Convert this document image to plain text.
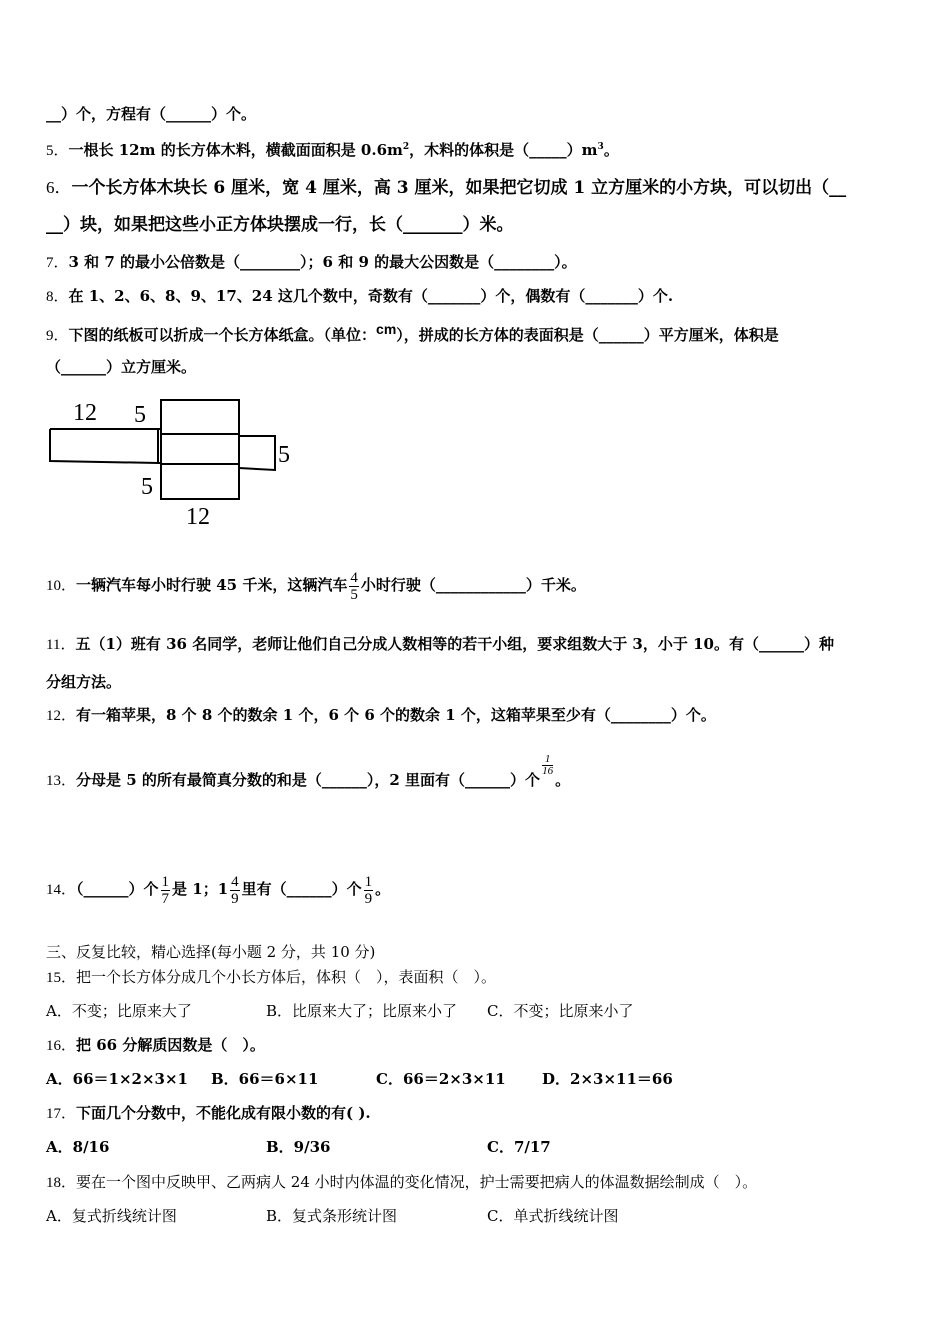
__）个，方程有（______）个。
5．一根长 12m 的长方体木料，横截面面积是 $0.6m^2$，木料的体积是$(\_\_\_\_\_)m^3$。
6．一个长方体木块长 6 厘米，宽 4 厘米，高 3 厘米，如果把它切成 1 立方厘米的小方块，可以切出（__
__）块，如果把这些小正方体块摆成一行，长（_______）米。
7．3 和 7 的最小公倍数是（________）；6 和 9 的最大公因数是（________）。
8．在 1、2、6、8、9、17、24 这几个数中，奇数有（_______）个，偶数有（_______）个.
9．下图的纸板可以折成一个长方体纸盒。（单位：cm），拼成的长方体的表面积是（______）平方厘米，体积是
（______）立方厘米。
12 5
5
5
12
10．一辆汽车每小时行驶 45 千米，这辆汽车 $\frac{4}{5}$ 小时行驶（____________）千米。
11．五（1）班有 36 名同学，老师让他们自己分成人数相等的若干小组，要求组数大于 3，小于 10。有（______）种
分组方法。
12．有一箱苹果，8 个 8 个的数余 1 个，6 个 6 个的数余 1 个，这箱苹果至少有（________）个。
13．分母是 5 的所有最简真分数的和是（______），2 里面有（______）个
$\frac{1}{16}$
。
14．（______）个 $\frac{1}{7}$ 是 1；$1 \frac{4}{9}$ 里有（______）个 $\frac{1}{9}$ 。
三、反复比较，精心选择(每小题 2 分，共 10 分)
15．把一个长方体分成几个小长方体后，体积（　），表面积（　）。
A．不变；比原来大了	B．比原来大了；比原来小了 C．不变；比原来小了
16．把 66 分解质因数是（　）。
A．66＝1×2×3×1 B．66＝6×11	C．66＝2×3×11 D．2×3×11＝66
17．下面几个分数中，不能化成有限小数的有( ).
A．8/16	B．9/36	C．7/17
18．要在一个图中反映甲、乙两病人 24 小时内体温的变化情况，护士需要把病人的体温数据绘制成（　）。
A．复式折线统计图	B．复式条形统计图	C．单式折线统计图
